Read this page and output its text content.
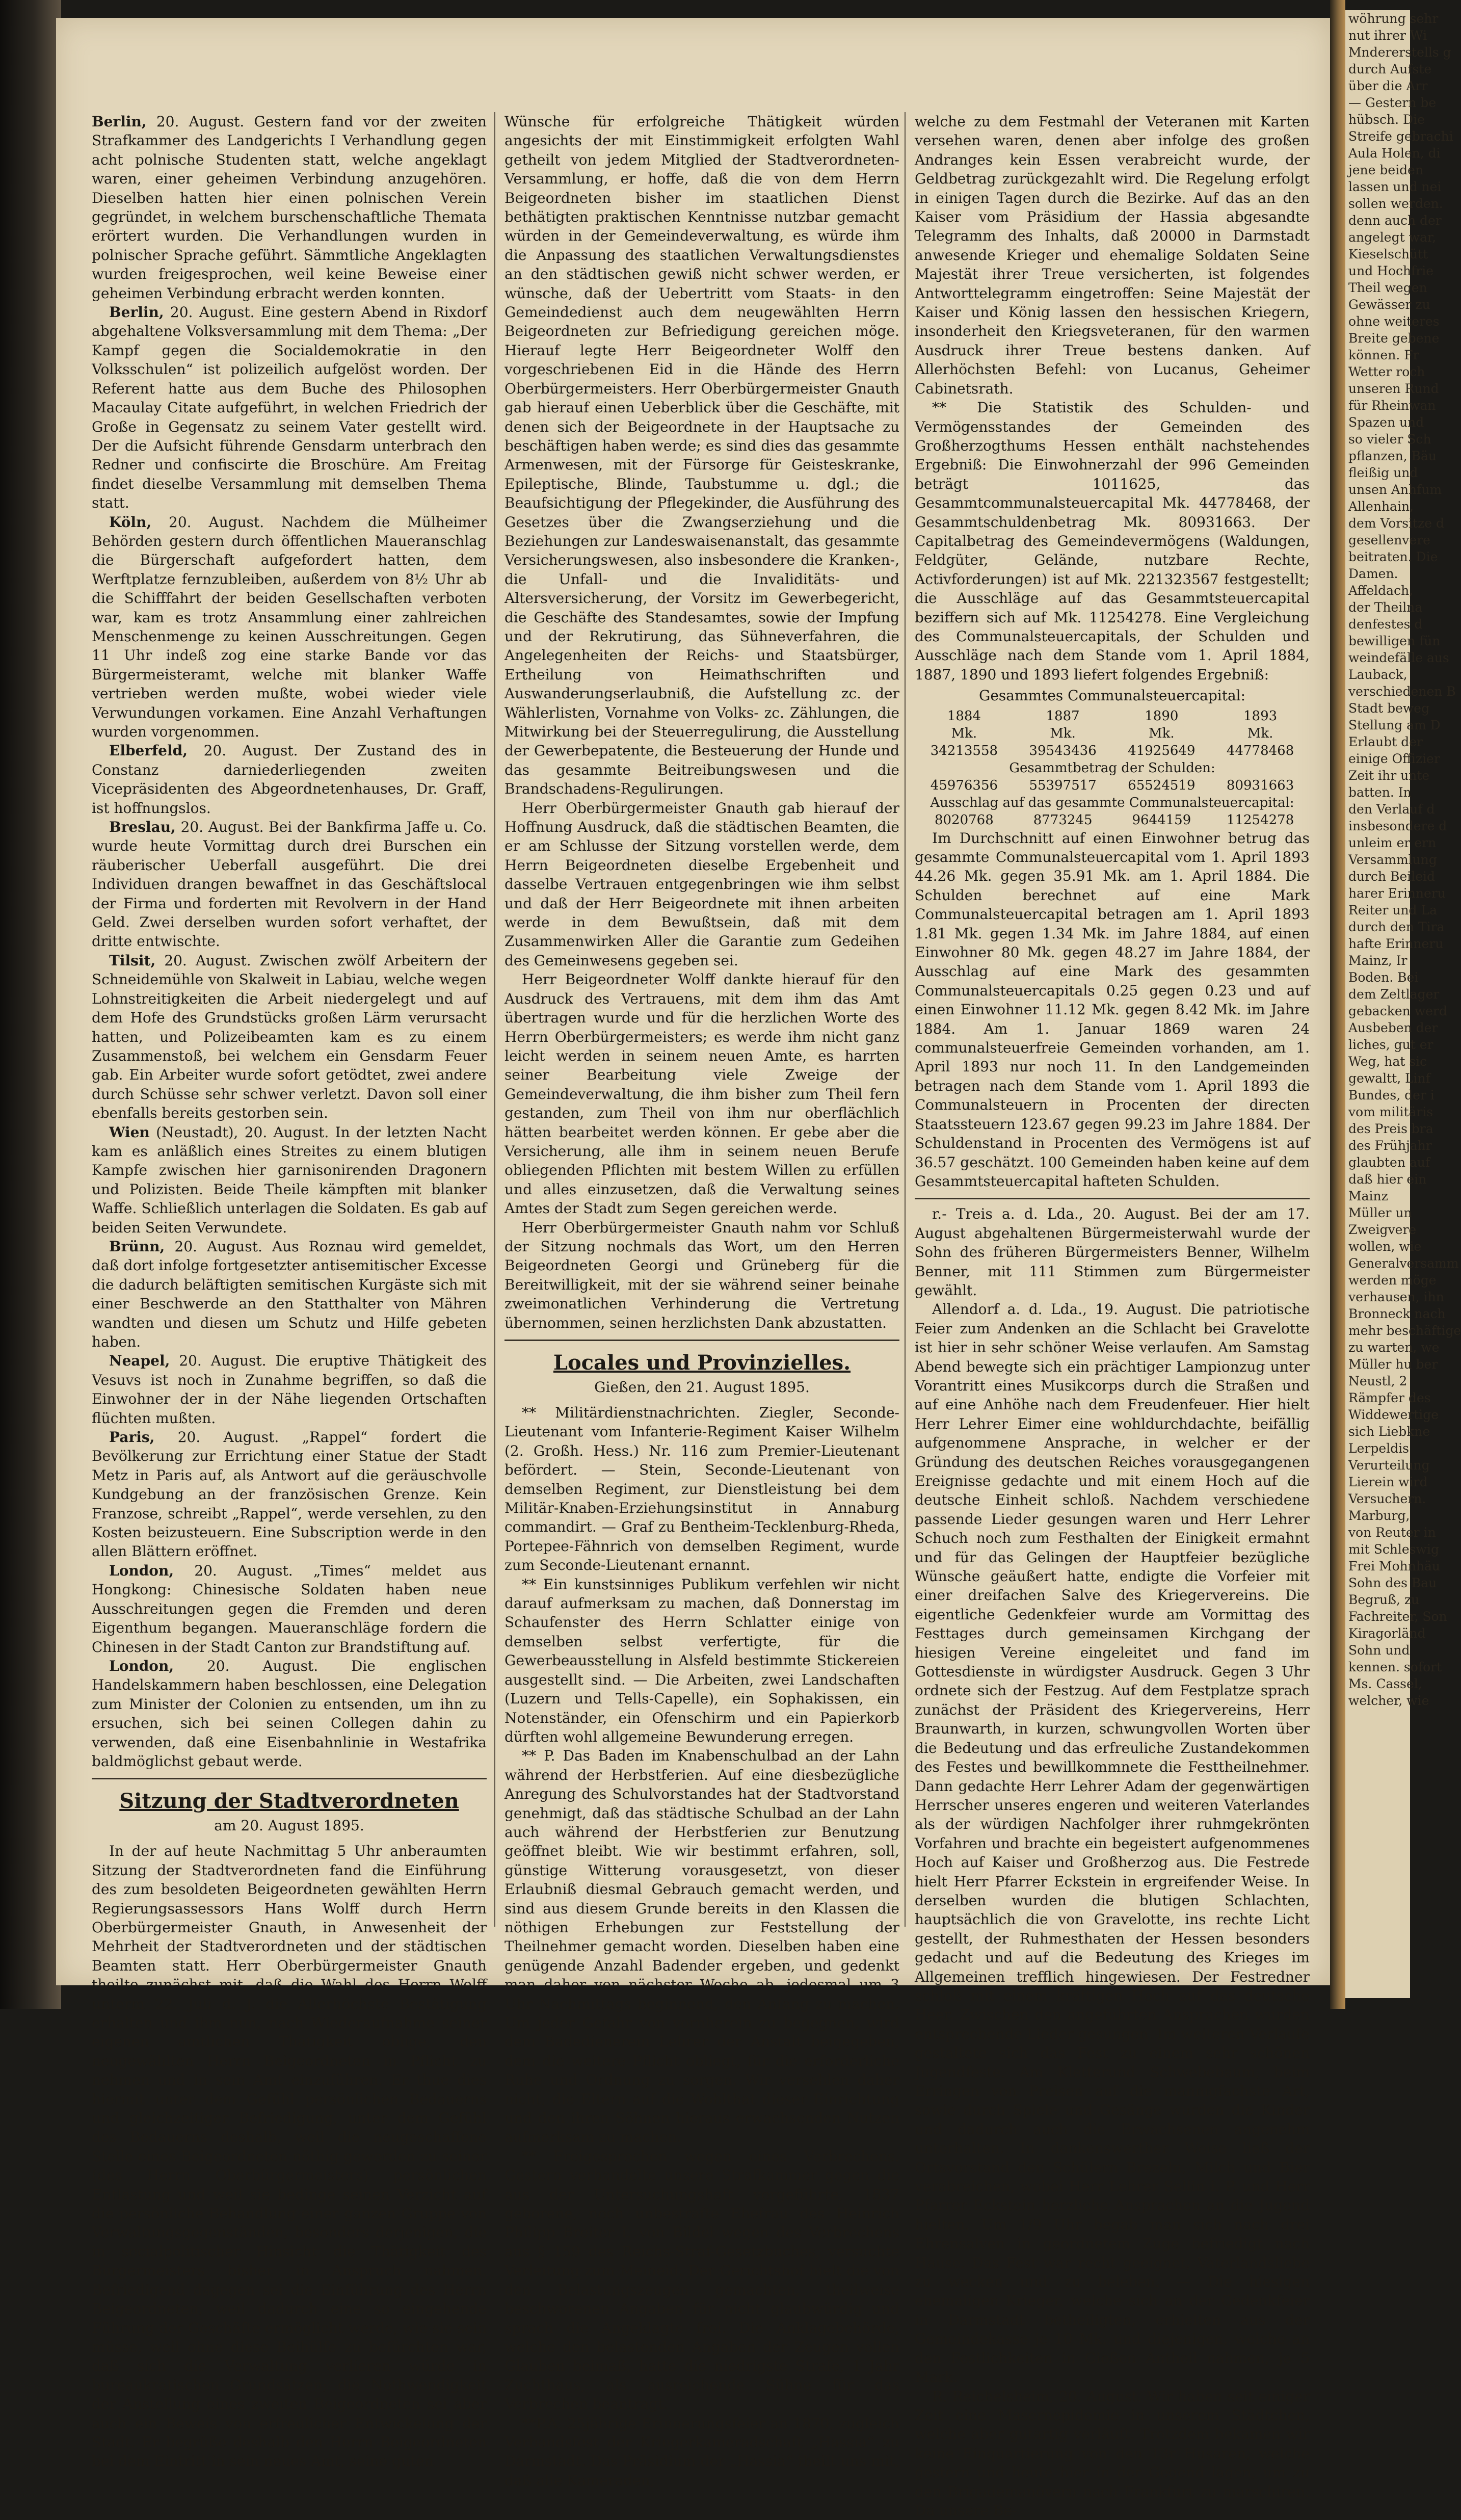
Berlin, 20. August. Gestern fand vor der zweiten Strafkammer des Landgerichts I Verhandlung gegen acht polnische Studenten statt, welche angeklagt waren, einer geheimen Verbindung anzugehören. Dieselben hatten hier einen polnischen Verein gegründet, in welchem burschenschaftliche Themata erörtert wurden. Die Verhandlungen wurden in polnischer Sprache geführt. Sämmtliche Angeklagten wurden freigesprochen, weil keine Beweise einer geheimen Verbindung erbracht werden konnten.

Berlin, 20. August. Eine gestern Abend in Rixdorf abgehaltene Volksversammlung mit dem Thema: „Der Kampf gegen die Socialdemokratie in den Volksschulen“ ist polizeilich aufgelöst worden. Der Referent hatte aus dem Buche des Philosophen Macaulay Citate aufgeführt, in welchen Friedrich der Große in Gegensatz zu seinem Vater gestellt wird. Der die Aufsicht führende Gensdarm unterbrach den Redner und confiscirte die Broschüre. Am Freitag findet dieselbe Versammlung mit demselben Thema statt.

Köln, 20. August. Nachdem die Mülheimer Behörden gestern durch öffentlichen Maueranschlag die Bürgerschaft aufgefordert hatten, dem Werftplatze fernzubleiben, außerdem von 8½ Uhr ab die Schifffahrt der beiden Gesellschaften verboten war, kam es trotz Ansammlung einer zahlreichen Menschenmenge zu keinen Ausschreitungen. Gegen 11 Uhr indeß zog eine starke Bande vor das Bürgermeisteramt, welche mit blanker Waffe vertrieben werden mußte, wobei wieder viele Verwundungen vorkamen. Eine Anzahl Verhaftungen wurden vorgenommen.

Elberfeld, 20. August. Der Zustand des in Constanz darniederliegenden zweiten Vicepräsidenten des Abgeordnetenhauses, Dr. Graff, ist hoffnungslos.

Breslau, 20. August. Bei der Bankfirma Jaffe u. Co. wurde heute Vormittag durch drei Burschen ein räuberischer Ueberfall ausgeführt. Die drei Individuen drangen bewaffnet in das Geschäftslocal der Firma und forderten mit Revolvern in der Hand Geld. Zwei derselben wurden sofort verhaftet, der dritte entwischte.

Tilsit, 20. August. Zwischen zwölf Arbeitern der Schneidemühle von Skalweit in Labiau, welche wegen Lohnstreitigkeiten die Arbeit niedergelegt und auf dem Hofe des Grundstücks großen Lärm verursacht hatten, und Polizeibeamten kam es zu einem Zusammenstoß, bei welchem ein Gensdarm Feuer gab. Ein Arbeiter wurde sofort getödtet, zwei andere durch Schüsse sehr schwer verletzt. Davon soll einer ebenfalls bereits gestorben sein.

Wien (Neustadt), 20. August. In der letzten Nacht kam es anläßlich eines Streites zu einem blutigen Kampfe zwischen hier garnisonirenden Dragonern und Polizisten. Beide Theile kämpften mit blanker Waffe. Schließlich unterlagen die Soldaten. Es gab auf beiden Seiten Verwundete.

Brünn, 20. August. Aus Roznau wird gemeldet, daß dort infolge fortgesetzter antisemitischer Excesse die dadurch beläftigten semitischen Kurgäste sich mit einer Beschwerde an den Statthalter von Mähren wandten und diesen um Schutz und Hilfe gebeten haben.

Neapel, 20. August. Die eruptive Thätigkeit des Vesuvs ist noch in Zunahme begriffen, so daß die Einwohner der in der Nähe liegenden Ortschaften flüchten mußten.

Paris, 20. August. „Rappel“ fordert die Bevölkerung zur Errichtung einer Statue der Stadt Metz in Paris auf, als Antwort auf die geräuschvolle Kundgebung an der französischen Grenze. Kein Franzose, schreibt „Rappel“, werde versehlen, zu den Kosten beizusteuern. Eine Subscription werde in den allen Blättern eröffnet.

London, 20. August. „Times“ meldet aus Hongkong: Chinesische Soldaten haben neue Ausschreitungen gegen die Fremden und deren Eigenthum begangen. Maueranschläge fordern die Chinesen in der Stadt Canton zur Brandstiftung auf.

London, 20. August. Die englischen Handelskammern haben beschlossen, eine Delegation zum Minister der Colonien zu entsenden, um ihn zu ersuchen, sich bei seinen Collegen dahin zu verwenden, daß eine Eisenbahnlinie in Westafrika baldmöglichst gebaut werde.

Sitzung der Stadtverordneten
am 20. August 1895.

In der auf heute Nachmittag 5 Uhr anberaumten Sitzung der Stadtverordneten fand die Einführung des zum besoldeten Beigeordneten gewählten Herrn Regierungsassessors Hans Wolff durch Herrn Oberbürgermeister Gnauth, in Anwesenheit der Mehrheit der Stadtverordneten und der städtischen Beamten statt. Herr Oberbürgermeister Gnauth theilte zunächst mit, daß die Wahl des Herrn Wolff unterm 22. Juli d. J. die Allerhöchste Bestätigung erhalten und ihm nun, nach Wiederaufnahme seiner eigenen amtlichen Thätigkeit oblige, den neugewählten Herrn Beigeordneten in Pflicht zu nehmen und in sein Amt einzuführen. Er thue dies hiermit unter dem Gefühl persönlichen Bedauerns und gleichzeitiger Befriedigung, unter dem Gefühl des Bedauerns deshalb, weil die neugeschaffene Stelle eines Beigeordneten nöthig geworden zu seiner (des Herrn Oberbürgermeisters) persönlichen Entlastung und weil sie bedinge seinen Verzicht auf die persönliche Behandlung einer ganzen Gruppe von Verwaltungsgegenständen, besonders derjenigen, die in socialpolitischer Hinsicht die Thätigkeit des Bürgermeisters bisher in Anspruch nahmen. Befriedigend dagegen sei die Einführung des Herrn Beigeordneten, weil dadurch eine so eingehende Führung der Geschäfte ermöglicht werde, wie sie sein müsse, weil ohne diese Beihülfe zu befürchten war, daß sich die Verwaltung verlieren würde in bureaukratischen Grundsätzen; die Nothwendigkeit der Anstellung eines zweiten Beigeordneten sei aber auch ein Beweis von erfreulicher Entwickelung der Stadt. Er begrüße deshalb den Herrn Beigeordneten bei dem Eintritt in sein neues Amt, seine guten

Wünsche für erfolgreiche Thätigkeit würden angesichts der mit Einstimmigkeit erfolgten Wahl getheilt von jedem Mitglied der Stadtverordneten-Versammlung, er hoffe, daß die von dem Herrn Beigeordneten bisher im staatlichen Dienst bethätigten praktischen Kenntnisse nutzbar gemacht würden in der Gemeindeverwaltung, es würde ihm die Anpassung des staatlichen Verwaltungsdienstes an den städtischen gewiß nicht schwer werden, er wünsche, daß der Uebertritt vom Staats- in den Gemeindedienst auch dem neugewählten Herrn Beigeordneten zur Befriedigung gereichen möge. Hierauf legte Herr Beigeordneter Wolff den vorgeschriebenen Eid in die Hände des Herrn Oberbürgermeisters. Herr Oberbürgermeister Gnauth gab hierauf einen Ueberblick über die Geschäfte, mit denen sich der Beigeordnete in der Hauptsache zu beschäftigen haben werde; es sind dies das gesammte Armenwesen, mit der Fürsorge für Geisteskranke, Epileptische, Blinde, Taubstumme u. dgl.; die Beaufsichtigung der Pflegekinder, die Ausführung des Gesetzes über die Zwangserziehung und die Beziehungen zur Landeswaisenanstalt, das gesammte Versicherungswesen, also insbesondere die Kranken-, die Unfall- und die Invaliditäts- und Altersversicherung, der Vorsitz im Gewerbegericht, die Geschäfte des Standesamtes, sowie der Impfung und der Rekrutirung, das Sühneverfahren, die Angelegenheiten der Reichs- und Staatsbürger, Ertheilung von Heimathschriften und Auswanderungserlaubniß, die Aufstellung zc. der Wählerlisten, Vornahme von Volks- zc. Zählungen, die Mitwirkung bei der Steuerregulirung, die Ausstellung der Gewerbepatente, die Besteuerung der Hunde und das gesammte Beitreibungswesen und die Brandschadens-Regulirungen.

Herr Oberbürgermeister Gnauth gab hierauf der Hoffnung Ausdruck, daß die städtischen Beamten, die er am Schlusse der Sitzung vorstellen werde, dem Herrn Beigeordneten dieselbe Ergebenheit und dasselbe Vertrauen entgegenbringen wie ihm selbst und daß der Herr Beigeordnete mit ihnen arbeiten werde in dem Bewußtsein, daß mit dem Zusammenwirken Aller die Garantie zum Gedeihen des Gemeinwesens gegeben sei.

Herr Beigeordneter Wolff dankte hierauf für den Ausdruck des Vertrauens, mit dem ihm das Amt übertragen wurde und für die herzlichen Worte des Herrn Oberbürgermeisters; es werde ihm nicht ganz leicht werden in seinem neuen Amte, es harrten seiner Bearbeitung viele Zweige der Gemeindeverwaltung, die ihm bisher zum Theil fern gestanden, zum Theil von ihm nur oberflächlich hätten bearbeitet werden können. Er gebe aber die Versicherung, alle ihm in seinem neuen Berufe obliegenden Pflichten mit bestem Willen zu erfüllen und alles einzusetzen, daß die Verwaltung seines Amtes der Stadt zum Segen gereichen werde.

Herr Oberbürgermeister Gnauth nahm vor Schluß der Sitzung nochmals das Wort, um den Herren Beigeordneten Georgi und Grüneberg für die Bereitwilligkeit, mit der sie während seiner beinahe zweimonatlichen Verhinderung die Vertretung übernommen, seinen herzlichsten Dank abzustatten.

Locales und Provinzielles.
Gießen, den 21. August 1895.

** Militärdienstnachrichten. Ziegler, Seconde-Lieutenant vom Infanterie-Regiment Kaiser Wilhelm (2. Großh. Hess.) Nr. 116 zum Premier-Lieutenant befördert. — Stein, Seconde-Lieutenant von demselben Regiment, zur Dienstleistung bei dem Militär-Knaben-Erziehungsinstitut in Annaburg commandirt. — Graf zu Bentheim-Tecklenburg-Rheda, Portepee-Fähnrich von demselben Regiment, wurde zum Seconde-Lieutenant ernannt.

** Ein kunstsinniges Publikum verfehlen wir nicht darauf aufmerksam zu machen, daß Donnerstag im Schaufenster des Herrn Schlatter einige von demselben selbst verfertigte, für die Gewerbeausstellung in Alsfeld bestimmte Stickereien ausgestellt sind. — Die Arbeiten, zwei Landschaften (Luzern und Tells-Capelle), ein Sophakissen, ein Notenständer, ein Ofenschirm und ein Papierkorb dürften wohl allgemeine Bewunderung erregen.

** P. Das Baden im Knabenschulbad an der Lahn während der Herbstferien. Auf eine diesbezügliche Anregung des Schulvorstandes hat der Stadtvorstand genehmigt, daß das städtische Schulbad an der Lahn auch während der Herbstferien zur Benutzung geöffnet bleibt. Wie wir bestimmt erfahren, soll, günstige Witterung vorausgesetzt, von dieser Erlaubniß diesmal Gebrauch gemacht werden, und sind aus diesem Grunde bereits in den Klassen die nöthigen Erhebungen zur Feststellung der Theilnehmer gemacht worden. Dieselben haben eine genügende Anzahl Badender ergeben, und gedenkt man daher von nächster Woche ab, jedesmal um 3 Uhr Nachmittags beginnend, den Anfang zu machen. Um jeder Gefahr von vornherein zu begegnen, wird dem Badedienerein Lehrer der Anstalt beigegeben, dem die weitere Pflicht obliegt, für die erforderliche Ruhe und Ordnung zu sorgen. Wir versehlen daher nicht, die Eltern auf die Wohlthat dieser Einrichtung und den ihren Söhnen hieraus erwachsenden Nutzen aufmerksam zu machen.

** Freigesprochen wegen eines Verbrechens. Gestern verhandelte unsere Strafkammer gegen die aus der Untersuchungshaft vorgeführte, 1837 geborene, noch unbestrafte Ehefrau des Heinrich Philipp Breiter I. von Bildel wegen des Verbrechens aus § 159 des Reichs-Straf-Gesetzbuches, versuchte Verleitung zum Meineid. Der Gerichtshof hielt die von den Belastungszeugen gemachten, theilweise beschworenen Angaben für nicht glaubwürdig und sprach die Angeklagte frei. Die Anklagebehörde, welche den belastenden Angaben der Zeugen vollen Glauben beimaß, hatte die niedrigste Strafe, 1 Jahr Zuchthaus, als ausreichende Sühne für das Verbrechen beantragt.

**P.A. 25jährige Erinnerungsfeier an 1870, zugleich Verbandsfest der Kriegerkameradschaft „Hassia“ zu Darmstadt. Das Präsidium der „Hassia“ theilt uns mit, daß alle Kameraden,

welche zu dem Festmahl der Veteranen mit Karten versehen waren, denen aber infolge des großen Andranges kein Essen verabreicht wurde, der Geldbetrag zurückgezahlt wird. Die Regelung erfolgt in einigen Tagen durch die Bezirke. Auf das an den Kaiser vom Präsidium der Hassia abgesandte Telegramm des Inhalts, daß 20000 in Darmstadt anwesende Krieger und ehemalige Soldaten Seine Majestät ihrer Treue versicherten, ist folgendes Antworttelegramm eingetroffen: Seine Majestät der Kaiser und König lassen den hessischen Kriegern, insonderheit den Kriegsveteranen, für den warmen Ausdruck ihrer Treue bestens danken. Auf Allerhöchsten Befehl: von Lucanus, Geheimer Cabinetsrath.

** Die Statistik des Schulden- und Vermögensstandes der Gemeinden des Großherzogthums Hessen enthält nachstehendes Ergebniß: Die Einwohnerzahl der 996 Gemeinden beträgt 1011625, das Gesammtcommunalsteuercapital Mk. 44778468, der Gesammtschuldenbetrag Mk. 80931663. Der Capitalbetrag des Gemeindevermögens (Waldungen, Feldgüter, Gelände, nutzbare Rechte, Activforderungen) ist auf Mk. 221323567 festgestellt; die Ausschläge auf das Gesammtsteuercapital beziffern sich auf Mk. 11254278. Eine Vergleichung des Communalsteuercapitals, der Schulden und Ausschläge nach dem Stande vom 1. April 1884, 1887, 1890 und 1893 liefert folgendes Ergebniß:

Gesammtes Communalsteuercapital:
1884	1887	1890	1893
Mk.	Mk.	Mk.	Mk.
34213558	39543436	41925649	44778468
Gesammtbetrag der Schulden:			
45976356	55397517	65524519	80931663
Ausschlag auf das gesammte Communalsteuercapital:			
8020768	8773245	9644159	11254278

Im Durchschnitt auf einen Einwohner betrug das gesammte Communalsteuercapital vom 1. April 1893 44.26 Mk. gegen 35.91 Mk. am 1. April 1884. Die Schulden berechnet auf eine Mark Communalsteuercapital betragen am 1. April 1893 1.81 Mk. gegen 1.34 Mk. im Jahre 1884, auf einen Einwohner 80 Mk. gegen 48.27 im Jahre 1884, der Ausschlag auf eine Mark des gesammten Communalsteuercapitals 0.25 gegen 0.23 und auf einen Einwohner 11.12 Mk. gegen 8.42 Mk. im Jahre 1884. Am 1. Januar 1869 waren 24 communalsteuerfreie Gemeinden vorhanden, am 1. April 1893 nur noch 11. In den Landgemeinden betragen nach dem Stande vom 1. April 1893 die Communalsteuern in Procenten der directen Staatssteuern 123.67 gegen 99.23 im Jahre 1884. Der Schuldenstand in Procenten des Vermögens ist auf 36.57 geschätzt. 100 Gemeinden haben keine auf dem Gesammtsteuercapital hafteten Schulden.

r.- Treis a. d. Lda., 20. August. Bei der am 17. August abgehaltenen Bürgermeisterwahl wurde der Sohn des früheren Bürgermeisters Benner, Wilhelm Benner, mit 111 Stimmen zum Bürgermeister gewählt.

Allendorf a. d. Lda., 19. August. Die patriotische Feier zum Andenken an die Schlacht bei Gravelotte ist hier in sehr schöner Weise verlaufen. Am Samstag Abend bewegte sich ein prächtiger Lampionzug unter Vorantritt eines Musikcorps durch die Straßen und auf eine Anhöhe nach dem Freudenfeuer. Hier hielt Herr Lehrer Eimer eine wohldurchdachte, beifällig aufgenommene Ansprache, in welcher er der Gründung des deutschen Reiches vorausgegangenen Ereignisse gedachte und mit einem Hoch auf die deutsche Einheit schloß. Nachdem verschiedene passende Lieder gesungen waren und Herr Lehrer Schuch noch zum Festhalten der Einigkeit ermahnt und für das Gelingen der Hauptfeier bezügliche Wünsche geäußert hatte, endigte die Vorfeier mit einer dreifachen Salve des Kriegervereins. Die eigentliche Gedenkfeier wurde am Vormittag des Festtages durch gemeinsamen Kirchgang der hiesigen Vereine eingeleitet und fand im Gottesdienste in würdigster Ausdruck. Gegen 3 Uhr ordnete sich der Festzug. Auf dem Festplatze sprach zunächst der Präsident des Kriegervereins, Herr Braunwarth, in kurzen, schwungvollen Worten über die Bedeutung und das erfreuliche Zustandekommen des Festes und bewillkommnete die Festtheilnehmer. Dann gedachte Herr Lehrer Adam der gegenwärtigen Herrscher unseres engeren und weiteren Vaterlandes als der würdigen Nachfolger ihrer ruhmgekrönten Vorfahren und brachte ein begeistert aufgenommenes Hoch auf Kaiser und Großherzog aus. Die Festrede hielt Herr Pfarrer Eckstein in ergreifender Weise. In derselben wurden die blutigen Schlachten, hauptsächlich die von Gravelotte, ins rechte Licht gestellt, der Ruhmesthaten der Hessen besonders gedacht und auf die Bedeutung des Krieges im Allgemeinen trefflich hingewiesen. Der Festredner schloß mit einem kräftigen Hoch auf das deutsche Heer. Zwischen den angeführten Ansprachen wurden entsprechende Lieder gesungen. Im weiteren Verlaufe gestaltete sich das Fest zu einem sehr schönen Jugendfeste. Am Kletterund Schwebebaum, beim Erringen von Preisen auf die mannigfachste Art, sowie durch Spiele und Gesänge wurden die Kinder und dadurch auch die Erwachsenen angenehm unterhalten. In dankenswerther Weise ließ der Ortsvorstand den Schülern Brezeln, Milch und Bier verabreichen, wobei Herr Lehrer Sellin i. P. und Herr Pfarrer Eckstein herzliche Ansprachen an die Jugend hielten. Um 1/9 Uhr begab man sich nach drei Ehrensalven in geordnetem Zuge befriedigt nach Hause. Das Fest war recht geeignet, Vaterlandsliebe zu wecken und zu beleben. — Die hiesigen ehemaligen Krieger, welche sich an der Gedenkfeier in Darmstadt betheiligten, erhielten aus der Gemeindekasse je 10 Mk. und diejenigen, welche an den Festlichkeiten in Gießen Antheil nahmen, je 5 Mark.

R. Reichelsheim, 20. August. Wir haben seit einiger Zeit eine Masernepidemie in unserem Städtchen, welche aber gutartig verläuft. Trotzdem bekamen wir keine Einquartierung von den 13r Husaren, welche gestern und heute hier in der Gegend lagen, um zu den Brigademanövern nach Frankfurt zu marschiren. Da unsere Be-

wöhrung sehr

nut ihrer Wi

Mndererstells g

durch Aufste

über die Arr

— Gestern be

hübsch. Die

Streife gebrachi

Aula Holen, di

jene beiden

lassen und nei

sollen werden.

denn auch der

angelegt war,

Kieselschütt

und Hochfrie

Theil wegen

Gewässer zu

ohne weiteres

Breite gebene

können. Fr

Wetter roch

unseren Rund

für Rheinwan

Spazen und

so vieler Sch

pflanzen, Bäu

fleißig und

unsen Anhfum

Allenhain,

dem Vorsitze d

gesellenvere

beitraten. Die

Damen.

Affeldach,

der Theilna

denfestes d

bewilligen fün

weindefälle aus

Lauback,

verschiedenen B

Stadt beweg

Stellung am D

Erlaubt der

einige Offizier

Zeit ihr unte

batten. In

den Verlauf d

insbesondere d

unleim er ern

Versammlung

durch Beileid

harer Erinneru

Reiter und La

durch den Tira

hafte Erinneru

Mainz, Ir

Boden. Bei

dem Zeltlager

gebacken werd

Ausbeben der

liches, gut er

Weg, hat sic

gewaltt, Linf

Bundes, der i

vom militäris

des Preis bra

des Frühjahr

glaubten auf

daß hier ein

Mainz

Müller un

Zweigvere

wollen, wie

Generalversamm

werden möge

verhausen, ihn

Bronneck nach

mehr beschäftige

zu warten, we

Müller hu ber

Neustl, 2

Rämpfer des

Widdewertige

sich Liebkne

Lerpeldis

Verurteilung

Lierein wird

Versuchern.

Marburg,

von Reuter in

mit Schleswig

Frei Mohnhäu

Sohn des Bau

Begruß, zu

Fachreiter, Son

Kiragorländ

Sohn und

kennen. sofort

Ms. Cassel,

welcher, wie
